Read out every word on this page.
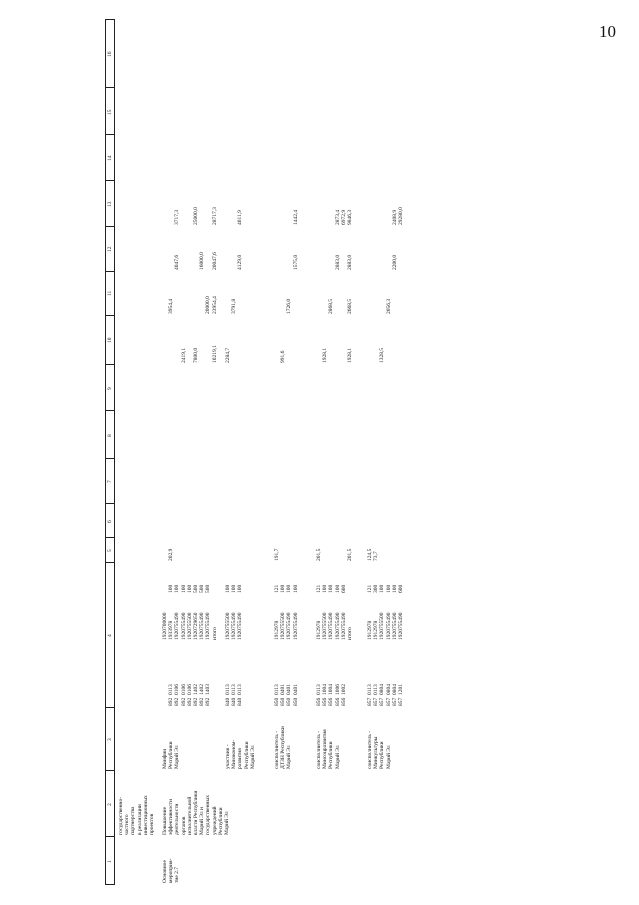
10
1
2
3
4
5
6
7
8
9
10
11
12
13
14
15
16
государственно-
частного
партнерства
в реализации
инвестиционных
проектов
Основное
мероприя-
тие 2.7
Повышение
эффективности
деятельности
органов
исполнительной
власти Республики
Марий Эл и
государственных
учреждений
Республики
Марий Эл
Минфин
Республики
Марий Эл

892  0113
892  0106
892  0106
892  0106
892  1402
892  1402
892  1403
1920700000
1933978
1920755490
1920755490
1920755500
1920729650
1920755490
1920755490
итого

100
100
100
100
500
500
500

202,9

2419,1

7800,0

10219,1

3954,4

20000,0
23954,4

4047,6

16000,0

20047,6

3717,3

25000,0

28717,3
участник -
Минэконом-
развития
Республики
Марий Эл
840  0113
840  0113
840  0113
1920755500
1920755490
1920755490
100
100
100
2284,7

3791,8

4129,0

4011,9
соисполнитель -
ДТЗН Республики
Марий Эл
850  0113
850  0401
850  0401
850  0401
1912978
1920755500
1920755490
1920755490
121
100
100
100
191,7

991,6

1726,0

1575,0

1442,4
соисполнитель -
Минсоцразвития
Республики
Марий Эл
856  0113
856  1004
856  1004
856  1006
856  1002
1912978
1920755500
1920755490
1920755490
1920755490
итого
121
100
100
100
600
201,5

201,5

1928,1

1928,1

2868,5

2668,5

2883,0

2883,0

2873,4
6972,9
9846,3
соисполнитель -
Минкультуры
Республики
Марий Эл
857  0113
857  0113
857  0804
857  0804
857  0804
857  1201
1912978
1912978
1920755500
1920755490
1920755490
1920755490
121
300
100
100
100
600
124,5
73,7

1328,5

2056,3

2200,0

2408,9
29280,0
